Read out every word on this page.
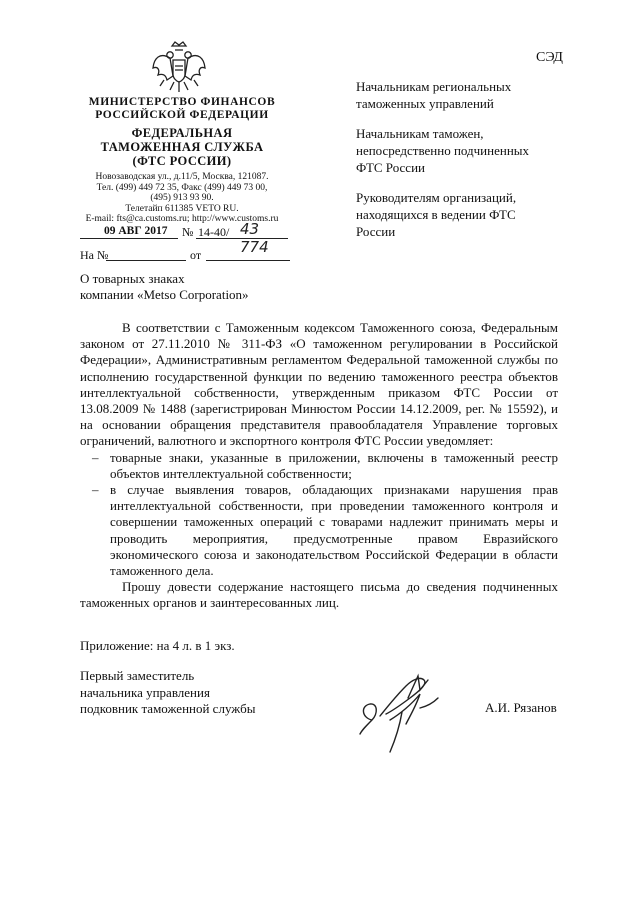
СЭД
МИНИСТЕРСТВО ФИНАНСОВ
РОССИЙСКОЙ ФЕДЕРАЦИИ
ФЕДЕРАЛЬНАЯ
ТАМОЖЕННАЯ СЛУЖБА
(ФТС РОССИИ)
Новозаводская ул., д.11/5, Москва, 121087.
Тел. (499) 449 72 35, Факс (499) 449 73 00,
(495) 913 93 90.
Телетайп 611385 VETO RU.
E-mail: fts@ca.customs.ru; http://www.customs.ru
09 АВГ 2017 № 14-40/ 43 774
На №	от
Начальникам региональных таможенных управлений
Начальникам таможен, непосредственно подчиненных ФТС России
Руководителям организаций, находящихся в ведении ФТС России
О товарных знаках
компании «Metso Corporation»

В соответствии с Таможенным кодексом Таможенного союза, Федеральным законом от 27.11.2010 № 311-ФЗ «О таможенном регулировании в Российской Федерации», Административным регламентом Федеральной таможенной службы по исполнению государственной функции по ведению таможенного реестра объектов интеллектуальной собственности, утвержденным приказом ФТС России от 13.08.2009 № 1488 (зарегистрирован Минюстом России 14.12.2009, рег. № 15592), и на основании обращения представителя правообладателя Управление торговых ограничений, валютного и экспортного контроля ФТС России уведомляет:

– товарные знаки, указанные в приложении, включены в таможенный реестр объектов интеллектуальной собственности;
– в случае выявления товаров, обладающих признаками нарушения прав интеллектуальной собственности, при проведении таможенного контроля и совершении таможенных операций с товарами надлежит принимать меры и проводить мероприятия, предусмотренные правом Евразийского экономического союза и законодательством Российской Федерации в области таможенного дела.

Прошу довести содержание настоящего письма до сведения подчиненных таможенных органов и заинтересованных лиц.

Приложение: на 4 л. в 1 экз.
Первый заместитель
начальника управления
подковник таможенной службы	А.И. Рязанов
